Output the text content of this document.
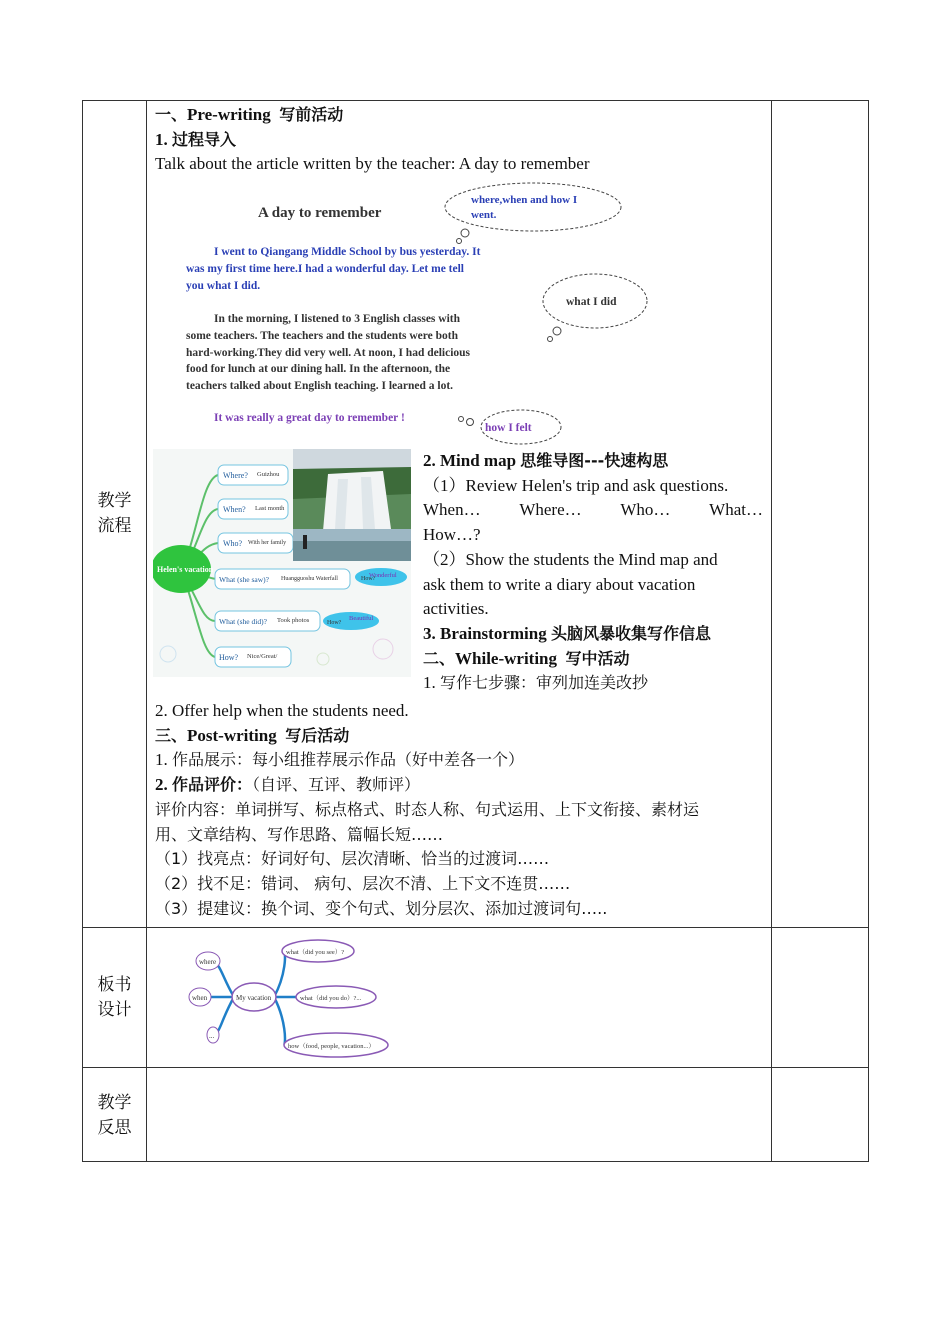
教学
流程
板书
设计
教学
反思
一、Pre-writing 写前活动
1. 过程导入
Talk about the article written by the teacher: A day to remember
A day to remember
where,when and how I
went.
I went to Qiangang Middle School by bus yesterday. It
was my first time here.I had a wonderful day. Let me tell
you what I did.
what I did
In the morning, I listened to 3 English classes with
some teachers. The teachers and the students were both
hard-working.They did very well. At noon, I had delicious
food for lunch at our dining hall. In the afternoon, the
teachers talked about English teaching. I learned a lot.
It was really a great day to remember !
how I felt
Helen's vacation
Where? Guizhou
When? Last month
Who? With her family
What (she saw)? Huangguoshu Waterfall	How?
Wonderful
What (she did)? Took photos	How?
Beautiful
How? Nice/Great/
2. Mind map 思维导图---快速构思
（1）Review Helen's trip and ask questions.
When… Where… Who… What…
How…?
（2）Show the students the Mind map and
ask them to write a diary about vacation
activities.
3. Brainstorming 头脑风暴收集写作信息
二、While-writing 写中活动
1. 写作七步骤：审列加连美改抄
2. Offer help when the students need.
三、Post-writing 写后活动
1. 作品展示：每小组推荐展示作品（好中差各一个）
2. 作品评价：（自评、互评、教师评）
评价内容：单词拼写、标点格式、时态人称、句式运用、上下文衔接、素材运
用、文章结构、写作思路、篇幅长短……
（1）找亮点：好词好句、层次清晰、恰当的过渡词……
（2）找不足：错词、 病句、层次不清、上下文不连贯……
（3）提建议：换个词、变个句式、划分层次、添加过渡词句…..
My vacation
where
when
...
what（did you see）?
what（did you do）?...
how（food, people, vacation...）
